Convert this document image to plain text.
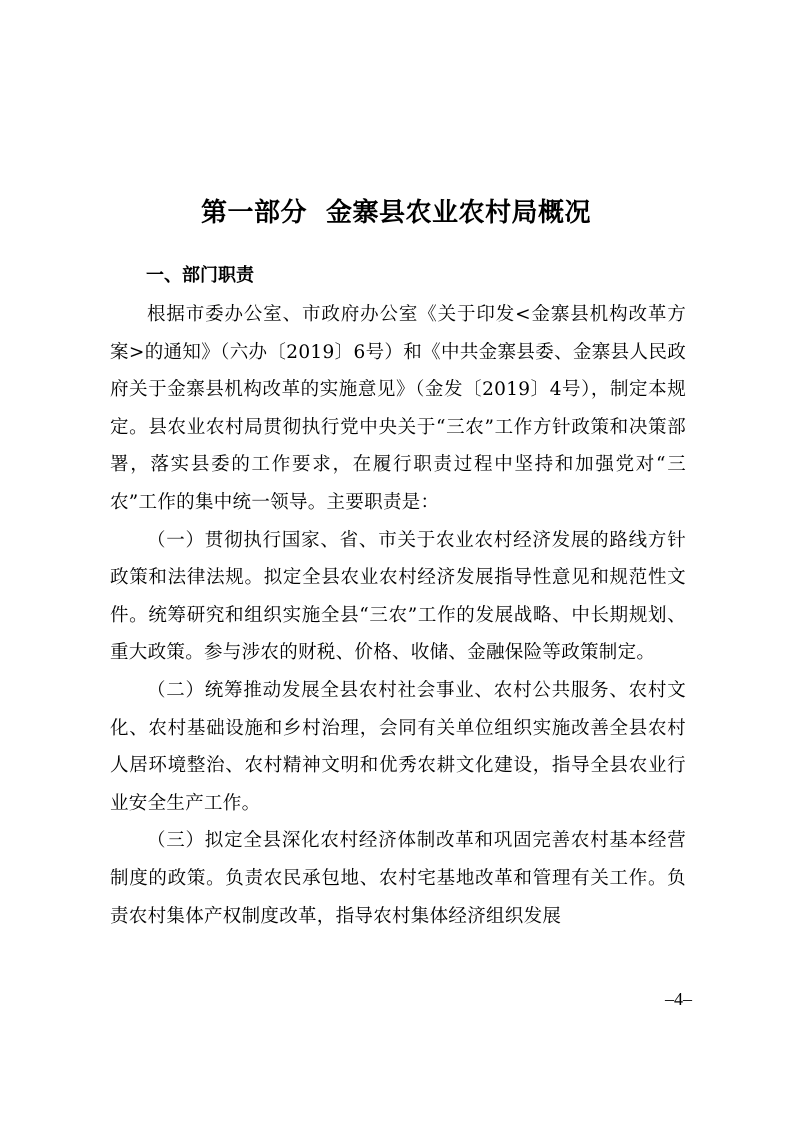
第一部分  金寨县农业农村局概况
一、部门职责

根据市委办公室、市政府办公室《关于印发<金寨县机构改革方案>的通知》（六办〔2019〕6号）和《中共金寨县委、金寨县人民政府关于金寨县机构改革的实施意见》（金发〔2019〕4号），制定本规定。县农业农村局贯彻执行党中央关于“三农”工作方针政策和决策部署，落实县委的工作要求，在履行职责过程中坚持和加强党对“三农”工作的集中统一领导。主要职责是：

（一）贯彻执行国家、省、市关于农业农村经济发展的路线方针政策和法律法规。拟定全县农业农村经济发展指导性意见和规范性文件。统筹研究和组织实施全县“三农”工作的发展战略、中长期规划、重大政策。参与涉农的财税、价格、收储、金融保险等政策制定。

（二）统筹推动发展全县农村社会事业、农村公共服务、农村文化、农村基础设施和乡村治理，会同有关单位组织实施改善全县农村人居环境整治、农村精神文明和优秀农耕文化建设，指导全县农业行业安全生产工作。

（三）拟定全县深化农村经济体制改革和巩固完善农村基本经营制度的政策。负责农民承包地、农村宅基地改革和管理有关工作。负责农村集体产权制度改革，指导农村集体经济组织发展

–4–
